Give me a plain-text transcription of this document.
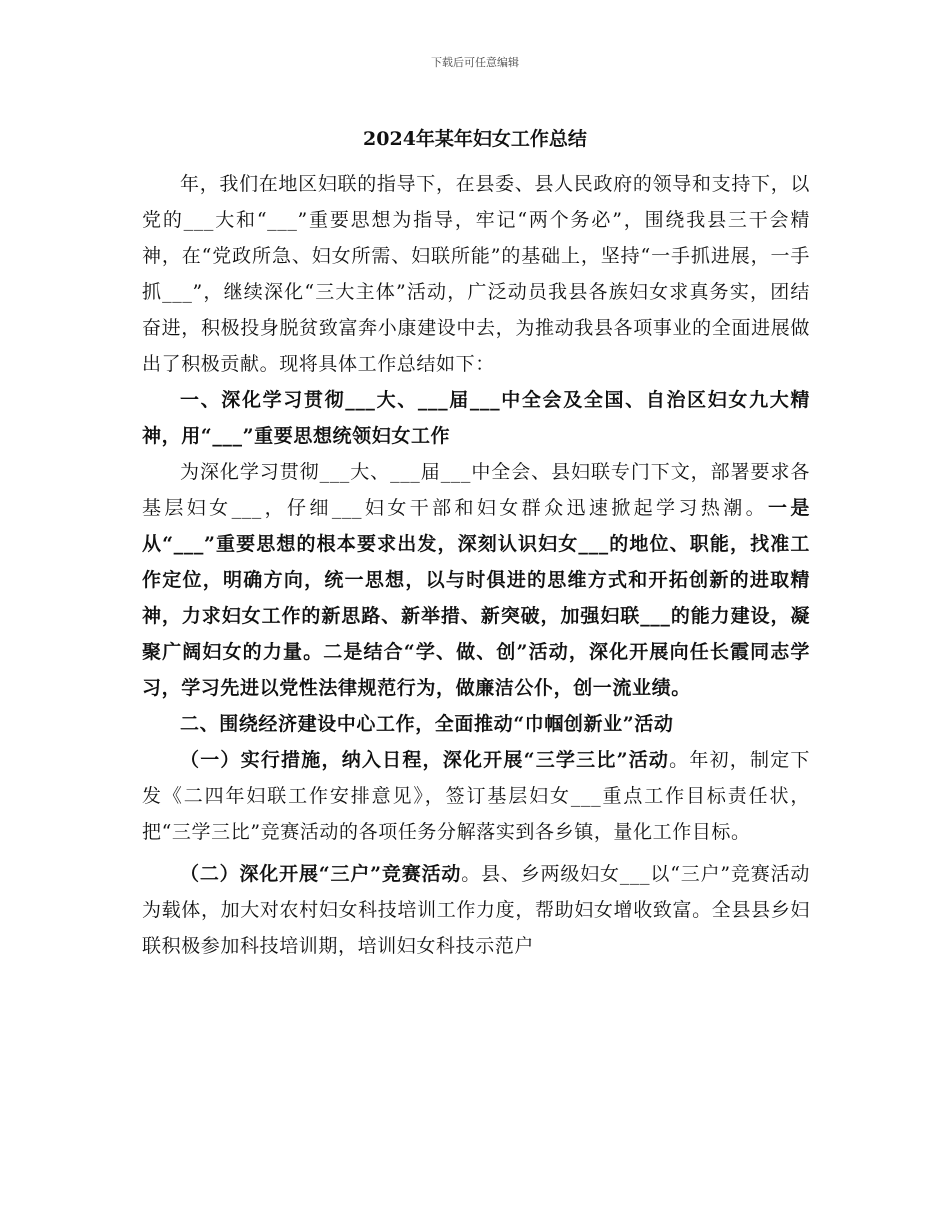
下载后可任意编辑
2024年某年妇女工作总结

年，我们在地区妇联的指导下，在县委、县人民政府的领导和支持下，以党的___大和“___”重要思想为指导，牢记“两个务必”，围绕我县三干会精神，在“党政所急、妇女所需、妇联所能”的基础上，坚持“一手抓进展，一手抓___”，继续深化“三大主体”活动，广泛动员我县各族妇女求真务实，团结奋进，积极投身脱贫致富奔小康建设中去，为推动我县各项事业的全面进展做出了积极贡献。现将具体工作总结如下：

一、深化学习贯彻___大、___届___中全会及全国、自治区妇女九大精神，用“___”重要思想统领妇女工作

为深化学习贯彻___大、___届___中全会、县妇联专门下文，部署要求各基层妇女___，仔细___妇女干部和妇女群众迅速掀起学习热潮。一是从“___”重要思想的根本要求出发，深刻认识妇女___的地位、职能，找准工作定位，明确方向，统一思想，以与时俱进的思维方式和开拓创新的进取精神，力求妇女工作的新思路、新举措、新突破，加强妇联___的能力建设，凝聚广阔妇女的力量。二是结合“学、做、创”活动，深化开展向任长霞同志学习，学习先进以党性法律规范行为，做廉洁公仆，创一流业绩。

二、围绕经济建设中心工作，全面推动“巾帼创新业”活动

（一）实行措施，纳入日程，深化开展“三学三比”活动。年初，制定下发《二四年妇联工作安排意见》，签订基层妇女___重点工作目标责任状，把“三学三比”竞赛活动的各项任务分解落实到各乡镇，量化工作目标。

（二）深化开展“三户”竞赛活动。县、乡两级妇女___以“三户”竞赛活动为载体，加大对农村妇女科技培训工作力度，帮助妇女增收致富。全县县乡妇联积极参加科技培训期，培训妇女科技示范户
